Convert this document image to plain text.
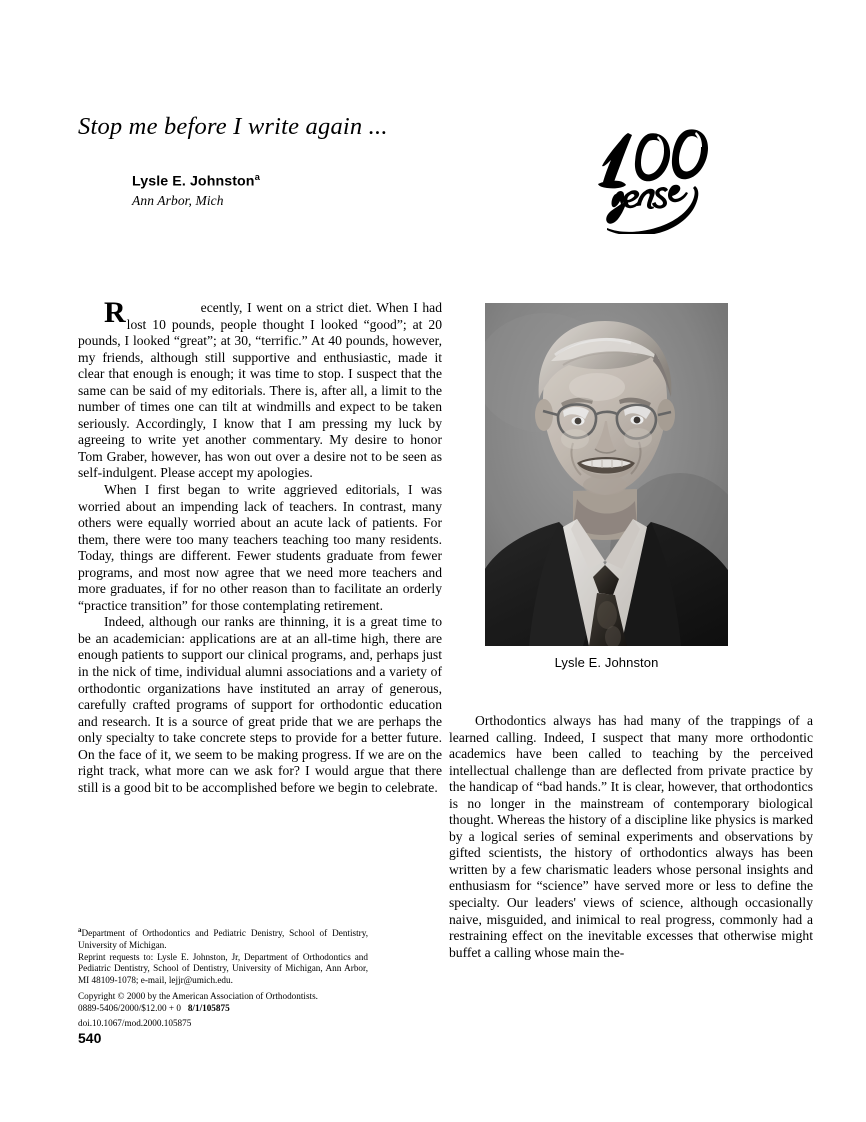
Stop me before I write again ...
Lysle E. Johnston$^a$
Ann Arbor, Mich
Lysle E. Johnston

R	ecently, I went on a strict diet. When I had lost 10 pounds, people thought I looked “good”; at 20 pounds, I looked “great”; at 30, “terrific.” At 40 pounds, however, my friends, although still supportive and enthusiastic, made it clear that enough is enough; it was time to stop. I suspect that the same can be said of my editorials. There is, after all, a limit to the number of times one can tilt at windmills and expect to be taken seriously. Accordingly, I know that I am pressing my luck by agreeing to write yet another commentary. My desire to honor Tom Graber, however, has won out over a desire not to be seen as self-indulgent. Please accept my apologies.

When I first began to write aggrieved editorials, I was worried about an impending lack of teachers. In contrast, many others were equally worried about an acute lack of patients. For them, there were too many teachers teaching too many residents. Today, things are different. Fewer students graduate from fewer programs, and most now agree that we need more teachers and more graduates, if for no other reason than to facilitate an orderly “practice transition” for those contemplating retirement.

Indeed, although our ranks are thinning, it is a great time to be an academician: applications are at an all-time high, there are enough patients to support our clinical programs, and, perhaps just in the nick of time, individual alumni associations and a variety of orthodontic organizations have instituted an array of generous, carefully crafted programs of support for orthodontic education and research. It is a source of great pride that we are perhaps the only specialty to take concrete steps to provide for a better future. On the face of it, we seem to be making progress. If we are on the right track, what more can we ask for? I would argue that there still is a good bit to be accomplished before we begin to celebrate.

Orthodontics always has had many of the trappings of a learned calling. Indeed, I suspect that many more orthodontic academics have been called to teaching by the perceived intellectual challenge than are deflected from private practice by the handicap of “bad hands.” It is clear, however, that orthodontics is no longer in the mainstream of contemporary biological thought. Whereas the history of a discipline like physics is marked by a logical series of seminal experiments and observations by gifted scientists, the history of orthodontics always has been written by a few charismatic leaders whose personal insights and enthusiasm for “science” have served more or less to define the specialty. Our leaders' views of science, although occasionally naive, misguided, and inimical to real progress, commonly had a restraining effect on the inevitable excesses that otherwise might buffet a calling whose main the-

$^a$Department of Orthodontics and Pediatric Denistry, School of Dentistry, University of Michigan.

Reprint requests to: Lysle E. Johnston, Jr, Department of Orthodontics and Pediatric Dentistry, School of Dentistry, University of Michigan, Ann Arbor, MI 48109-1078; e-mail, lejjr@umich.edu.

Copyright © 2000 by the American Association of Orthodontists.

0889-5406/2000/$12.00 + 0 8/1/105875

doi.10.1067/mod.2000.105875

540
